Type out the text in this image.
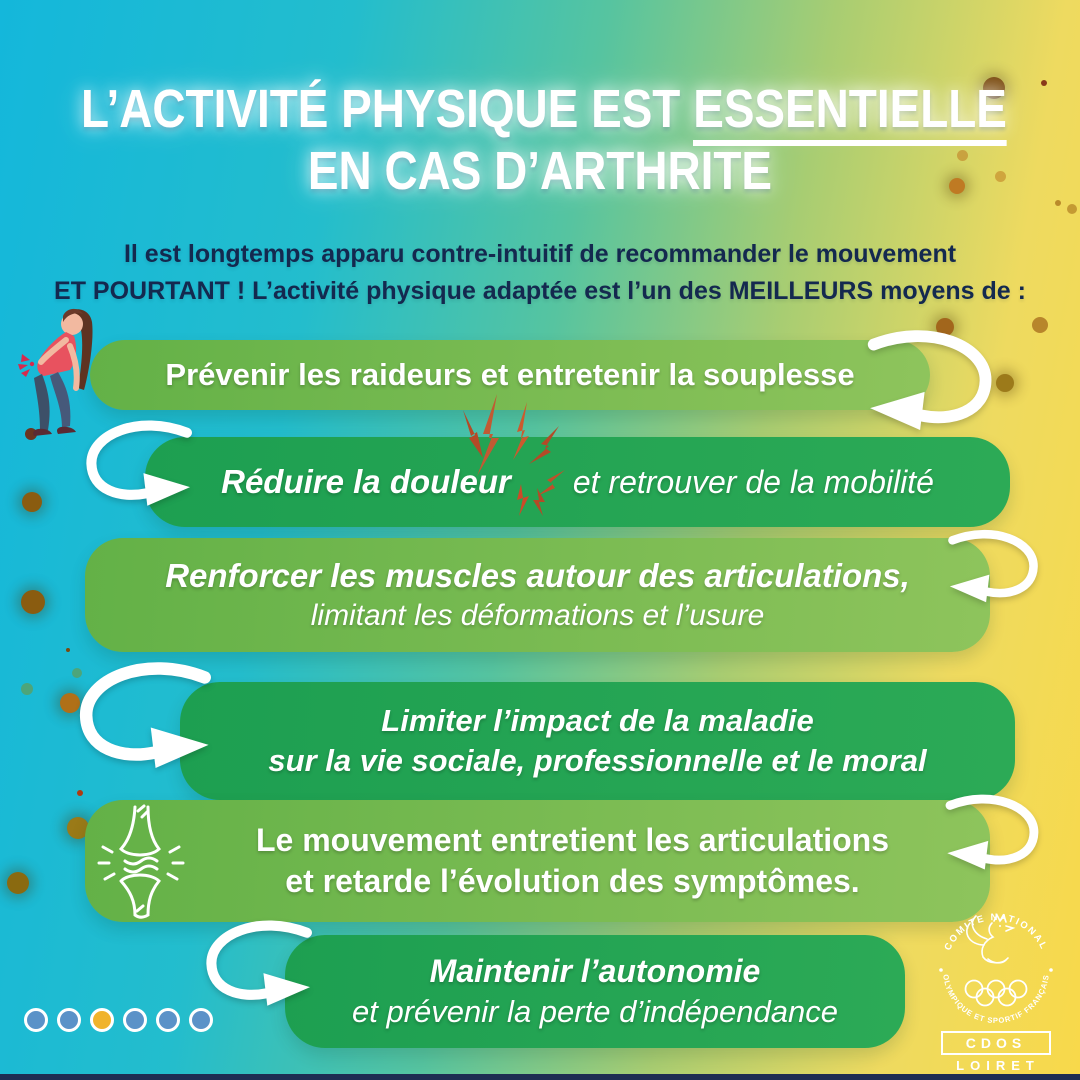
L’ACTIVITÉ PHYSIQUE EST ESSENTIELLE
EN CAS D’ARTHRITE

Il est longtemps apparu contre-intuitif de recommander le mouvement
ET POURTANT ! L’activité physique adaptée est l’un des MEILLEURS moyens de :

Prévenir les raideurs et entretenir la souplesse

Réduire la douleur et retrouver de la mobilité

Renforcer les muscles autour des articulations,

limitant les déformations et l’usure

Limiter l’impact de la maladie

sur la vie sociale, professionnelle et le moral

Le mouvement entretient les articulations

et retarde l’évolution des symptômes.

Maintenir l’autonomie

et prévenir la perte d’indépendance

COMITE NATIONAL
OLYMPIQUE ET SPORTIF FRANÇAIS
CDOS
LOIRET
